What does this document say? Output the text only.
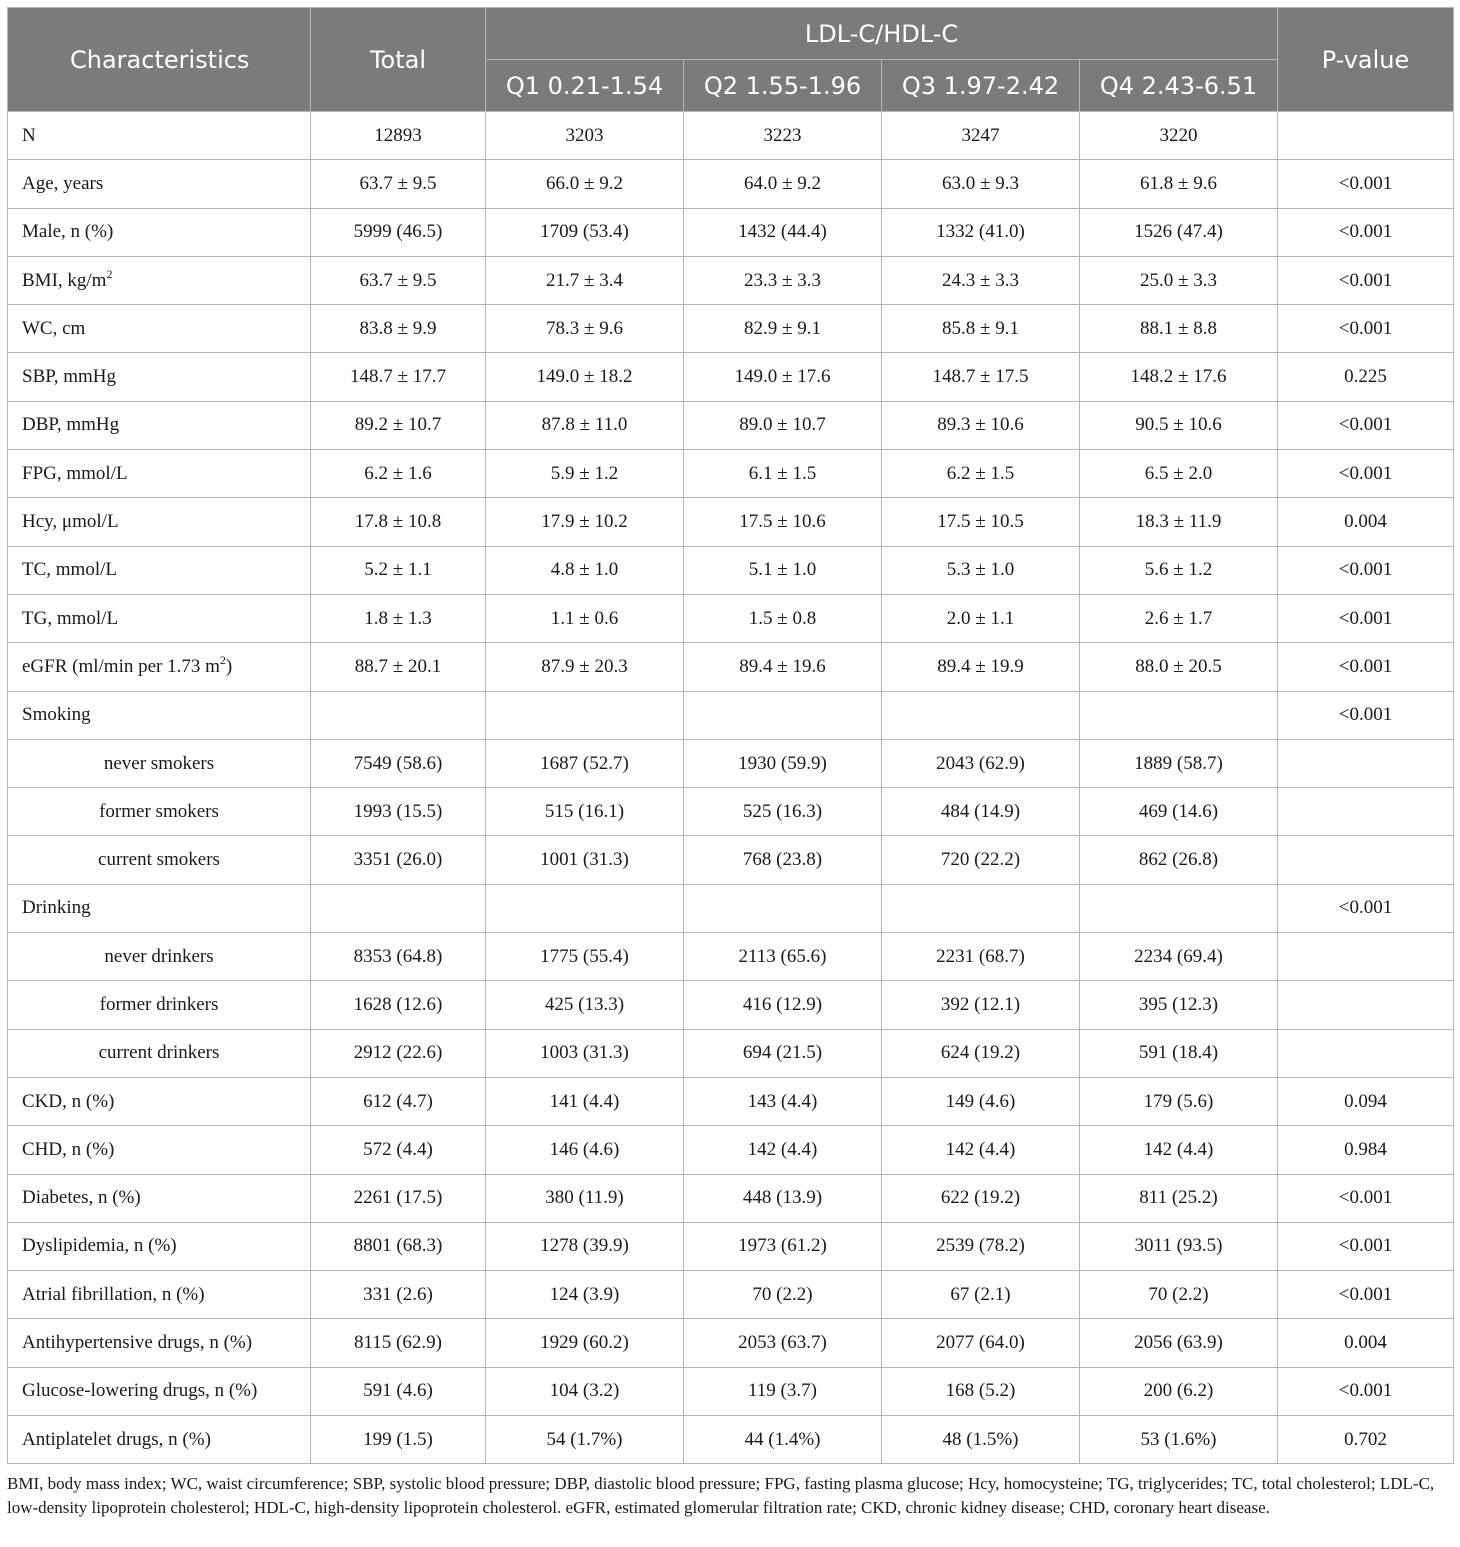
Characteristics	Total	LDL-C/HDL-C				P-value
		Q1 0.21-1.54	Q2 1.55-1.96	Q3 1.97-2.42	Q4 2.43-6.51	
N	12893	3203	3223	3247	3220	
Age, years	63.7 ± 9.5	66.0 ± 9.2	64.0 ± 9.2	63.0 ± 9.3	61.8 ± 9.6	<0.001
Male, n (%)	5999 (46.5)	1709 (53.4)	1432 (44.4)	1332 (41.0)	1526 (47.4)	<0.001
BMI, $kg/m^2$	63.7 ± 9.5	21.7 ± 3.4	23.3 ± 3.3	24.3 ± 3.3	25.0 ± 3.3	<0.001
WC, cm	83.8 ± 9.9	78.3 ± 9.6	82.9 ± 9.1	85.8 ± 9.1	88.1 ± 8.8	<0.001
SBP, mmHg	148.7 ± 17.7	149.0 ± 18.2	149.0 ± 17.6	148.7 ± 17.5	148.2 ± 17.6	0.225
DBP, mmHg	89.2 ± 10.7	87.8 ± 11.0	89.0 ± 10.7	89.3 ± 10.6	90.5 ± 10.6	<0.001
FPG, mmol/L	6.2 ± 1.6	5.9 ± 1.2	6.1 ± 1.5	6.2 ± 1.5	6.5 ± 2.0	<0.001
Hcy, μmol/L	17.8 ± 10.8	17.9 ± 10.2	17.5 ± 10.6	17.5 ± 10.5	18.3 ± 11.9	0.004
TC, mmol/L	5.2 ± 1.1	4.8 ± 1.0	5.1 ± 1.0	5.3 ± 1.0	5.6 ± 1.2	<0.001
TG, mmol/L	1.8 ± 1.3	1.1 ± 0.6	1.5 ± 0.8	2.0 ± 1.1	2.6 ± 1.7	<0.001
eGFR (ml/min per 1.73 $m^2$)	88.7 ± 20.1	87.9 ± 20.3	89.4 ± 19.6	89.4 ± 19.9	88.0 ± 20.5	<0.001
Smoking						<0.001
never smokers	7549 (58.6)	1687 (52.7)	1930 (59.9)	2043 (62.9)	1889 (58.7)	
former smokers	1993 (15.5)	515 (16.1)	525 (16.3)	484 (14.9)	469 (14.6)	
current smokers	3351 (26.0)	1001 (31.3)	768 (23.8)	720 (22.2)	862 (26.8)	
Drinking						<0.001
never drinkers	8353 (64.8)	1775 (55.4)	2113 (65.6)	2231 (68.7)	2234 (69.4)	
former drinkers	1628 (12.6)	425 (13.3)	416 (12.9)	392 (12.1)	395 (12.3)	
current drinkers	2912 (22.6)	1003 (31.3)	694 (21.5)	624 (19.2)	591 (18.4)	
CKD, n (%)	612 (4.7)	141 (4.4)	143 (4.4)	149 (4.6)	179 (5.6)	0.094
CHD, n (%)	572 (4.4)	146 (4.6)	142 (4.4)	142 (4.4)	142 (4.4)	0.984
Diabetes, n (%)	2261 (17.5)	380 (11.9)	448 (13.9)	622 (19.2)	811 (25.2)	<0.001
Dyslipidemia, n (%)	8801 (68.3)	1278 (39.9)	1973 (61.2)	2539 (78.2)	3011 (93.5)	<0.001
Atrial fibrillation, n (%)	331 (2.6)	124 (3.9)	70 (2.2)	67 (2.1)	70 (2.2)	<0.001
Antihypertensive drugs, n (%)	8115 (62.9)	1929 (60.2)	2053 (63.7)	2077 (64.0)	2056 (63.9)	0.004
Glucose-lowering drugs, n (%)	591 (4.6)	104 (3.2)	119 (3.7)	168 (5.2)	200 (6.2)	<0.001
Antiplatelet drugs, n (%)	199 (1.5)	54 (1.7%)	44 (1.4%)	48 (1.5%)	53 (1.6%)	0.702
BMI, body mass index; WC, waist circumference; SBP, systolic blood pressure; DBP, diastolic blood pressure; FPG, fasting plasma glucose; Hcy, homocysteine; TG, triglycerides; TC, total cholesterol; LDL-C, low-density lipoprotein cholesterol; HDL-C, high-density lipoprotein cholesterol. eGFR, estimated glomerular filtration rate; CKD, chronic kidney disease; CHD, coronary heart disease.
